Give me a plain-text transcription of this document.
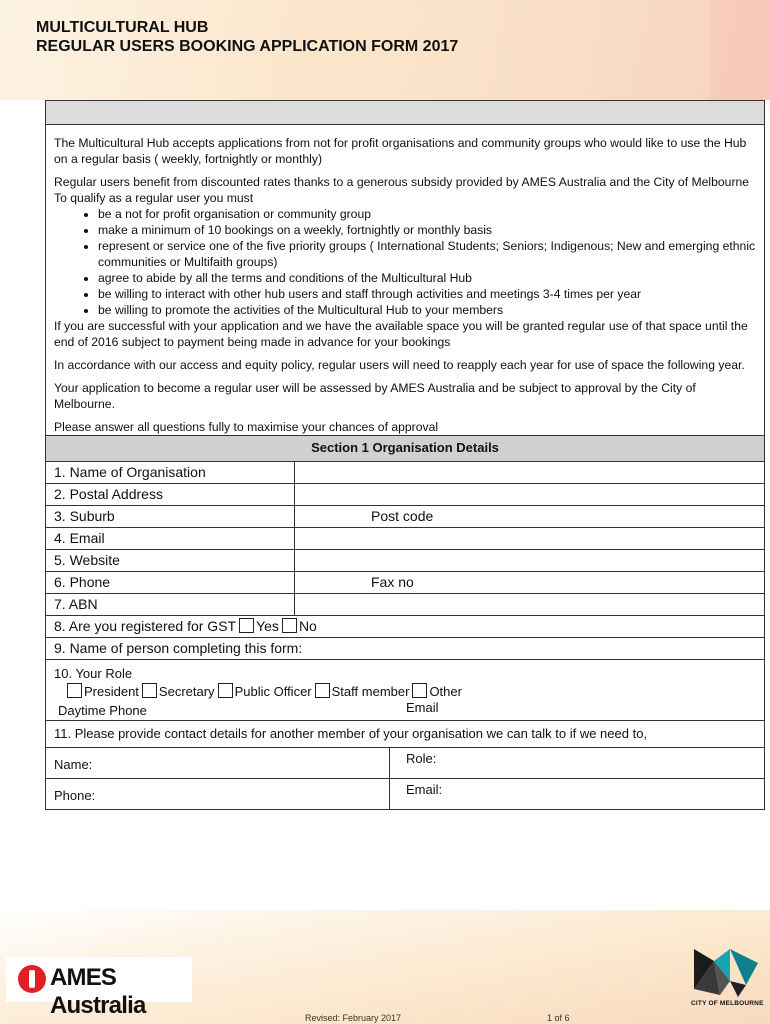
MULTICULTURAL HUB
REGULAR USERS BOOKING APPLICATION FORM 2017

The Multicultural Hub accepts applications from not for profit organisations and community groups who would like to use the Hub on a regular basis ( weekly, fortnightly or monthly)

Regular users benefit from discounted rates thanks to a generous subsidy provided by AMES Australia and the City of Melbourne

To qualify as a regular user you must

• be a not for profit organisation or community group
• make a minimum of 10 bookings on a weekly, fortnightly or monthly basis
• represent or service one of the five priority groups ( International Students; Seniors; Indigenous; New and emerging ethnic communities or Multifaith groups)
• agree to abide by all the terms and conditions of the Multicultural Hub
• be willing to interact with other hub users and staff through activities and meetings 3-4 times per year
• be willing to promote the activities of the Multicultural Hub to your members

If you are successful with your application and we have the available space you will be granted regular use of that space until the end of 2016 subject to payment being made in advance for your bookings

In accordance with our access and equity policy, regular users will need to reapply each year for use of space the following year.

Your application to become a regular user will be assessed by AMES Australia and be subject to approval by the City of Melbourne.

Please answer all questions fully to maximise your chances of approval

Section 1 Organisation Details
1. Name of Organisation
2. Postal Address
3. Suburb	Post code
4. Email
5. Website
6. Phone	Fax no
7. ABN
8. Are you registered for GST Yes No
9. Name of person completing this form:
10. Your Role
President Secretary Public Officer Staff member Other
Daytime Phone	Email
11. Please provide contact details for another member of your organisation we can talk to if we need to,
Name:	Role:
Phone:	Email:
AMES Australia	CITY OF MELBOURNE
Revised: February 2017	1 of 6
